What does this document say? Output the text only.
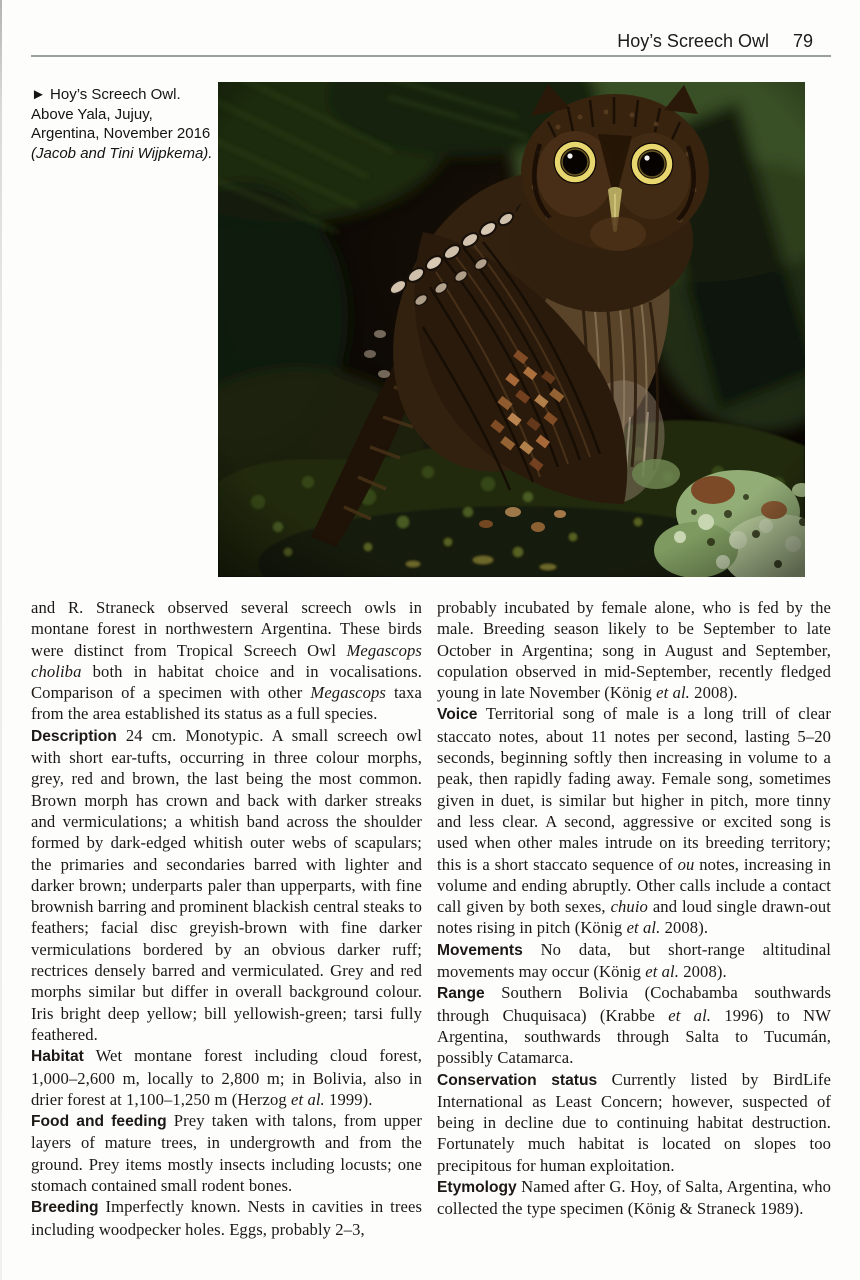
Hoy’s Screech Owl 79
► Hoy’s Screech Owl.
Above Yala, Jujuy,
Argentina, November 2016
(Jacob and Tini Wijpkema).

and R. Straneck observed several screech owls in montane forest in northwestern Argentina. These birds were distinct from Tropical Screech Owl Megascops choliba both in habitat choice and in vocalisations. Comparison of a specimen with other Megascops taxa from the area established its status as a full species.

Description 24 cm. Monotypic. A small screech owl with short ear-tufts, occurring in three colour morphs, grey, red and brown, the last being the most common. Brown morph has crown and back with darker streaks and vermiculations; a whitish band across the shoulder formed by dark-edged whitish outer webs of scapulars; the primaries and secondaries barred with lighter and darker brown; underparts paler than upperparts, with fine brownish barring and prominent blackish central steaks to feathers; facial disc greyish-brown with fine darker vermiculations bordered by an obvious darker ruff; rectrices densely barred and vermiculated. Grey and red morphs similar but differ in overall background colour. Iris bright deep yellow; bill yellowish-green; tarsi fully feathered.

Habitat Wet montane forest including cloud forest, 1,000–2,600 m, locally to 2,800 m; in Bolivia, also in drier forest at 1,100–1,250 m (Herzog et al. 1999).

Food and feeding Prey taken with talons, from upper layers of mature trees, in undergrowth and from the ground. Prey items mostly insects including locusts; one stomach contained small rodent bones.

Breeding Imperfectly known. Nests in cavities in trees including woodpecker holes. Eggs, probably 2–3,

probably incubated by female alone, who is fed by the male. Breeding season likely to be September to late October in Argentina; song in August and September, copulation observed in mid-September, recently fledged young in late November (König et al. 2008).

Voice Territorial song of male is a long trill of clear staccato notes, about 11 notes per second, lasting 5–20 seconds, beginning softly then increasing in volume to a peak, then rapidly fading away. Female song, sometimes given in duet, is similar but higher in pitch, more tinny and less clear. A second, aggressive or excited song is used when other males intrude on its breeding territory; this is a short staccato sequence of ou notes, increasing in volume and ending abruptly. Other calls include a contact call given by both sexes, chuio and loud single drawn-out notes rising in pitch (König et al. 2008).

Movements No data, but short-range altitudinal movements may occur (König et al. 2008).

Range Southern Bolivia (Cochabamba southwards through Chuquisaca) (Krabbe et al. 1996) to NW Argentina, southwards through Salta to Tucumán, possibly Catamarca.

Conservation status Currently listed by BirdLife International as Least Concern; however, suspected of being in decline due to continuing habitat destruction. Fortunately much habitat is located on slopes too precipitous for human exploitation.

Etymology Named after G. Hoy, of Salta, Argentina, who collected the type specimen (König & Straneck 1989).
